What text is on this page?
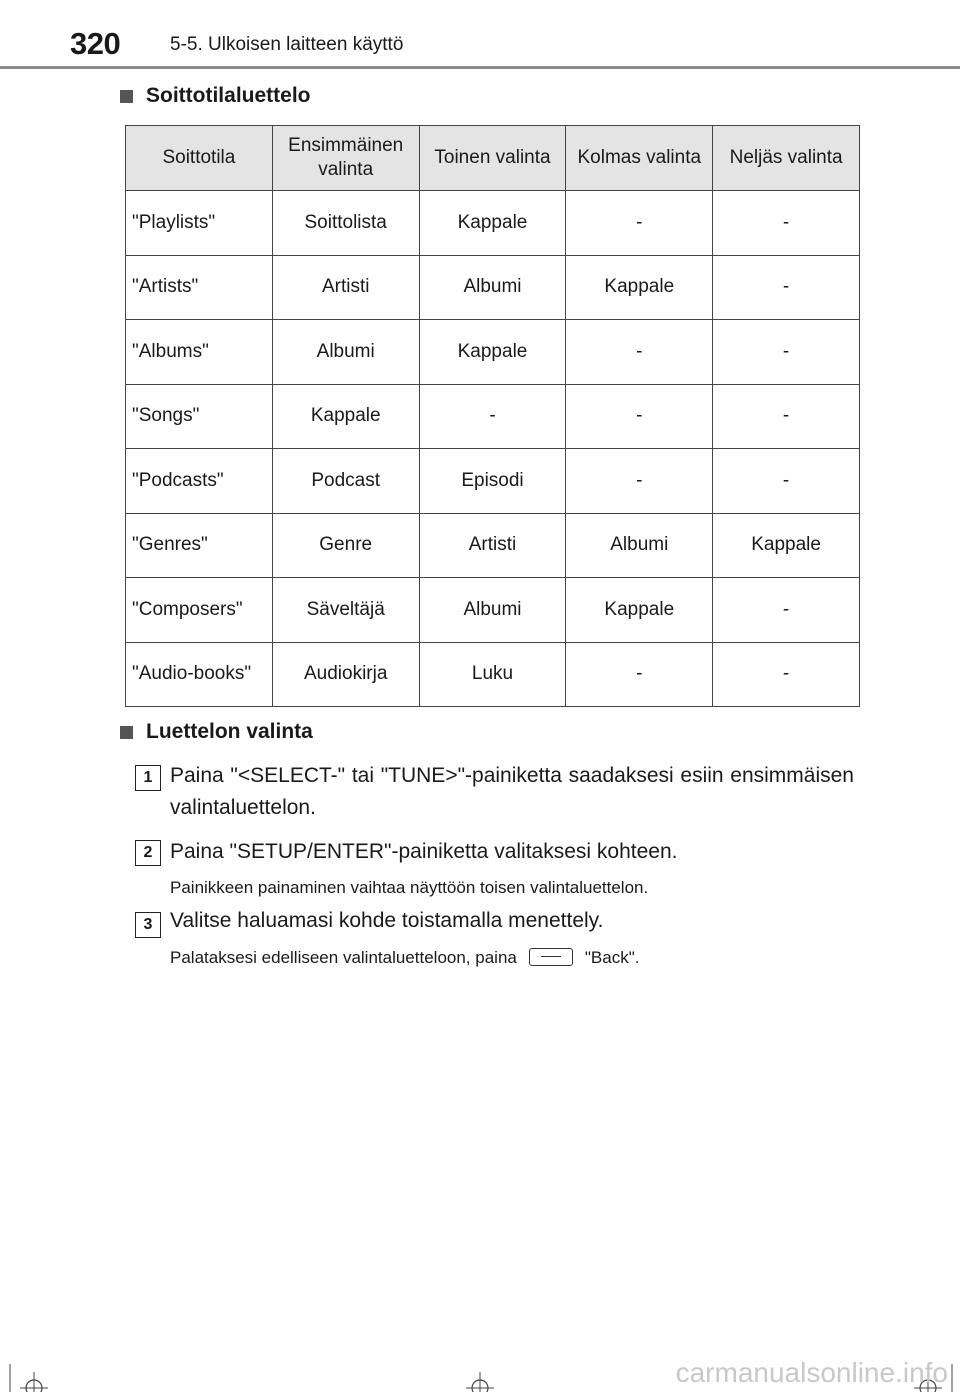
320	5-5. Ulkoisen laitteen käyttö
Soittotilaluettelo
Soittotila	Ensimmäinen valinta	Toinen valinta	Kolmas valinta	Neljäs valinta
"Playlists"	Soittolista	Kappale	-	-
"Artists"	Artisti	Albumi	Kappale	-
"Albums"	Albumi	Kappale	-	-
"Songs"	Kappale	-	-	-
"Podcasts"	Podcast	Episodi	-	-
"Genres"	Genre	Artisti	Albumi	Kappale
"Composers"	Säveltäjä	Albumi	Kappale	-
"Audio-books"	Audiokirja	Luku	-	-
Luettelon valinta
1 Paina "<SELECT-" tai "TUNE>"-painiketta saadaksesi esiin ensimmäisen valintaluettelon.
2 Paina "SETUP/ENTER"-painiketta valitaksesi kohteen.
Painikkeen painaminen vaihtaa näyttöön toisen valintaluettelon.
3 Valitse haluamasi kohde toistamalla menettely.
Palataksesi edelliseen valintaluetteloon, paina	"Back".
carmanualsonline.info
